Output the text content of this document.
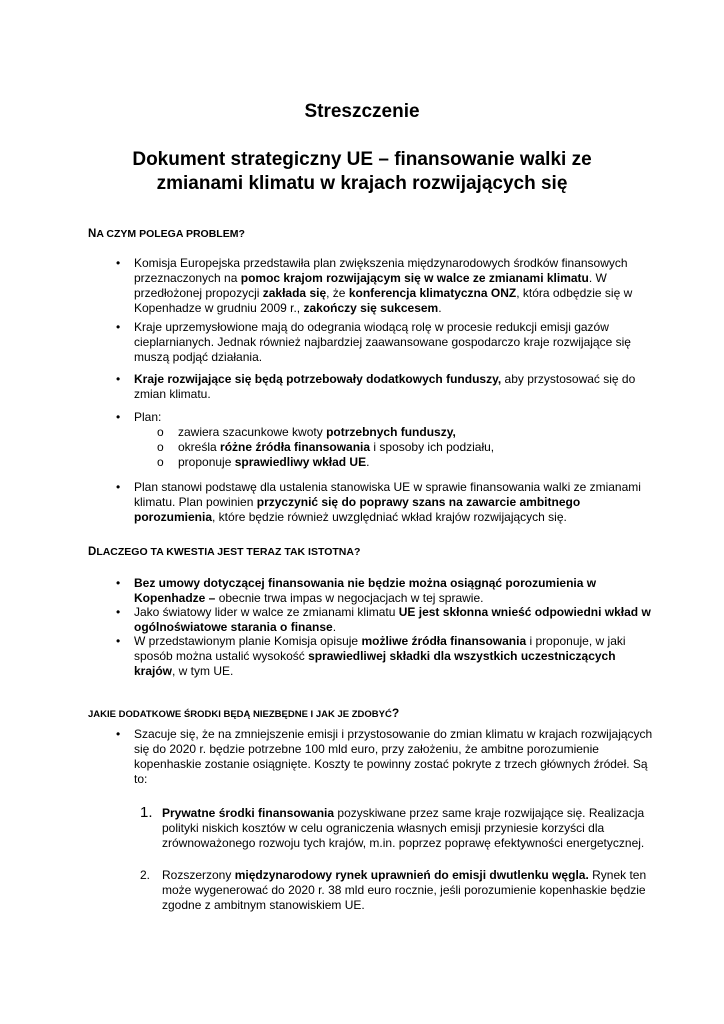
Streszczenie
Dokument strategiczny UE – finansowanie walki ze
zmianami klimatu w krajach rozwijających się
NA CZYM POLEGA PROBLEM?
• Komisja Europejska przedstawiła plan zwiększenia międzynarodowych środków finansowych przeznaczonych na pomoc krajom rozwijającym się w walce ze zmianami klimatu. W przedłożonej propozycji zakłada się, że konferencja klimatyczna ONZ, która odbędzie się w Kopenhadze w grudniu 2009 r., zakończy się sukcesem.
• Kraje uprzemysłowione mają do odegrania wiodącą rolę w procesie redukcji emisji gazów cieplarnianych. Jednak również najbardziej zaawansowane gospodarczo kraje rozwijające się muszą podjąć działania.
• Kraje rozwijające się będą potrzebowały dodatkowych funduszy, aby przystosować się do zmian klimatu.
• Plan:
o zawiera szacunkowe kwoty potrzebnych funduszy,
o określa różne źródła finansowania i sposoby ich podziału,
o proponuje sprawiedliwy wkład UE.
• Plan stanowi podstawę dla ustalenia stanowiska UE w sprawie finansowania walki ze zmianami klimatu. Plan powinien przyczynić się do poprawy szans na zawarcie ambitnego porozumienia, które będzie również uwzględniać wkład krajów rozwijających się.
DLACZEGO TA KWESTIA JEST TERAZ TAK ISTOTNA?
• Bez umowy dotyczącej finansowania nie będzie można osiągnąć porozumienia w Kopenhadze – obecnie trwa impas w negocjacjach w tej sprawie.
• Jako światowy lider w walce ze zmianami klimatu UE jest skłonna wnieść odpowiedni wkład w ogólnoświatowe starania o finanse.
• W przedstawionym planie Komisja opisuje możliwe źródła finansowania i proponuje, w jaki sposób można ustalić wysokość sprawiedliwej składki dla wszystkich uczestniczących krajów, w tym UE.
JAKIE DODATKOWE ŚRODKI BĘDĄ NIEZBĘDNE I JAK JE ZDOBYĆ?
• Szacuje się, że na zmniejszenie emisji i przystosowanie do zmian klimatu w krajach rozwijających się do 2020 r. będzie potrzebne 100 mld euro, przy założeniu, że ambitne porozumienie kopenhaskie zostanie osiągnięte. Koszty te powinny zostać pokryte z trzech głównych źródeł. Są to:
1. Prywatne środki finansowania pozyskiwane przez same kraje rozwijające się. Realizacja polityki niskich kosztów w celu ograniczenia własnych emisji przyniesie korzyści dla zrównoważonego rozwoju tych krajów, m.in. poprzez poprawę efektywności energetycznej.
2. Rozszerzony międzynarodowy rynek uprawnień do emisji dwutlenku węgla. Rynek ten może wygenerować do 2020 r. 38 mld euro rocznie, jeśli porozumienie kopenhaskie będzie zgodne z ambitnym stanowiskiem UE.
